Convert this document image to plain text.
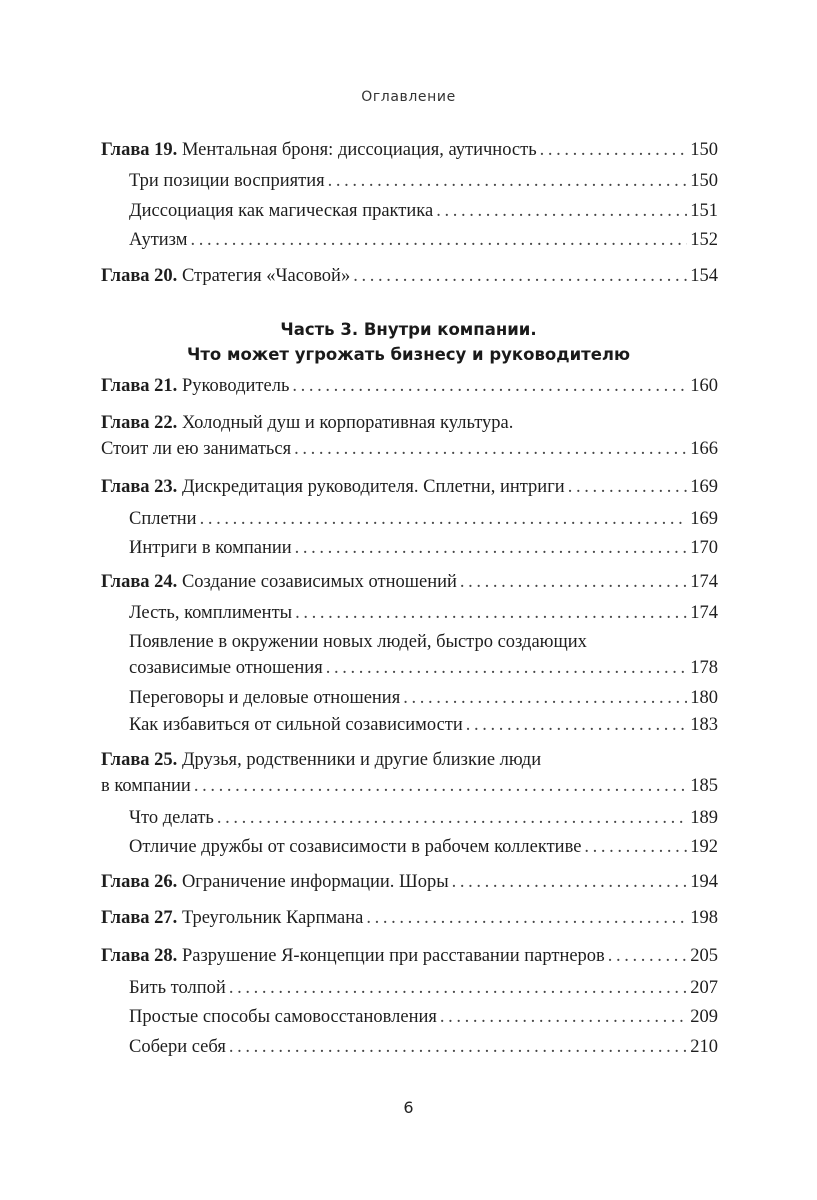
Оглавление
Глава 19. Ментальная броня: диссоциация, аутичность . . .	150
Три позиции восприятия . . .	150
Диссоциация как магическая практика . . .	151
Аутизм . . .	152
Глава 20. Стратегия «Часовой» . . .	154
Часть 3. Внутри компании.
Что может угрожать бизнесу и руководителю
Глава 21. Руководитель . . .	160
Глава 22. Холодный душ и корпоративная культура.
Стоит ли ею заниматься . . .	166
Глава 23. Дискредитация руководителя. Сплетни, интриги . . .	169
Сплетни . . .	169
Интриги в компании . . .	170
Глава 24. Создание созависимых отношений . . .	174
Лесть, комплименты . . .	174
Появление в окружении новых людей, быстро создающих
созависимые отношения . . .	178
Переговоры и деловые отношения . . .	180
Как избавиться от сильной созависимости . . .	183
Глава 25. Друзья, родственники и другие близкие люди
в компании . . .	185
Что делать . . .	189
Отличие дружбы от созависимости в рабочем коллективе . . .	192
Глава 26. Ограничение информации. Шоры . . .	194
Глава 27. Треугольник Карпмана . . .	198
Глава 28. Разрушение Я-концепции при расставании партнеров . . .	205
Бить толпой . . .	207
Простые способы самовосстановления . . .	209
Собери себя . . .	210
6
